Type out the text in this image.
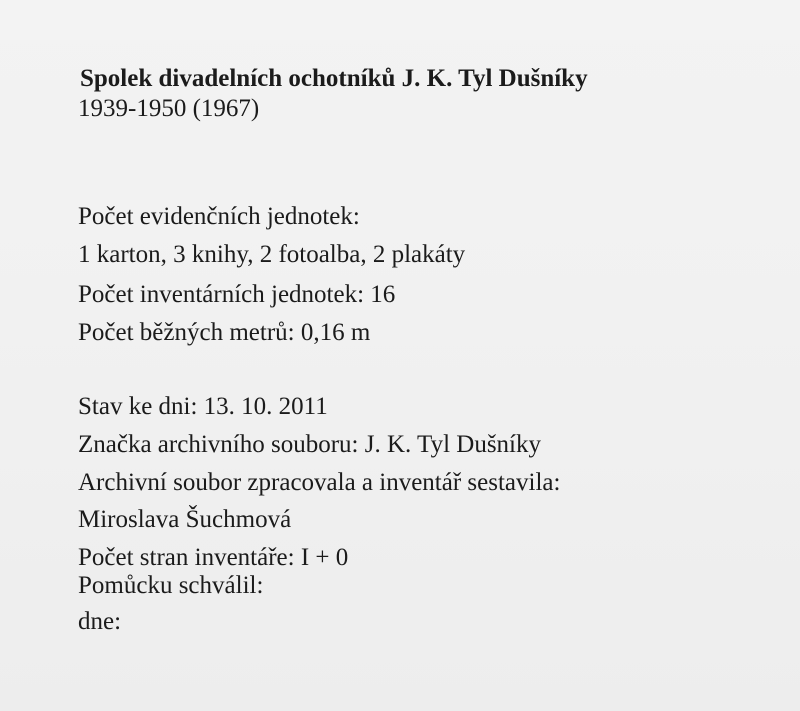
Spolek divadelních ochotníků J. K. Tyl Dušníky
1939-1950 (1967)
Počet evidenčních jednotek:
1 karton, 3 knihy, 2 fotoalba, 2 plakáty
Počet inventárních jednotek: 16
Počet běžných metrů: 0,16 m
Stav ke dni: 13. 10. 2011
Značka archivního souboru: J. K. Tyl Dušníky
Archivní soubor zpracovala a inventář sestavila:
Miroslava Šuchmová
Počet stran inventáře: I + 0
Pomůcku schválil:
dne:
